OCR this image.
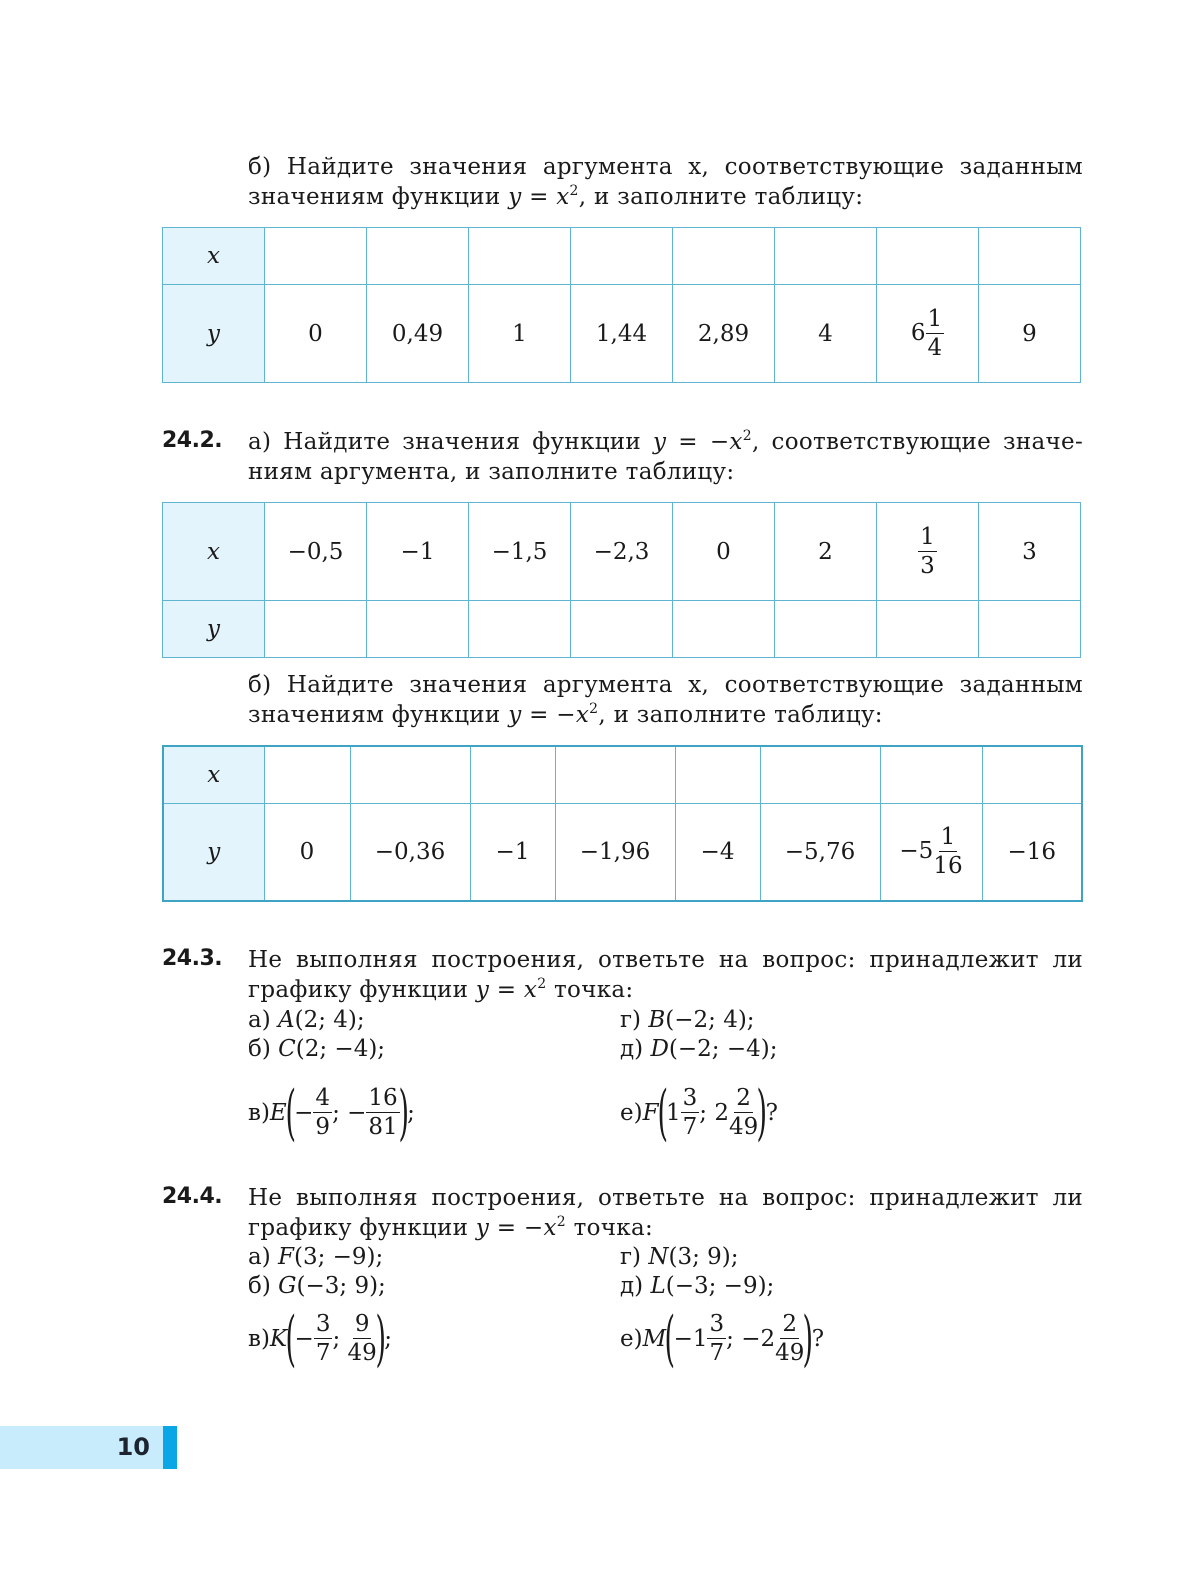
б) Найдите значения аргумента x, соответствующие заданным
значениям функции $y = x^2$, и заполните таблицу:
x								
y	0	0,49	1	1,44	2,89	4	$6 \frac{1}{4}$	9
24.2. а) Найдите значения функции $y = -x^2$, соответствующие значе-
ниям аргумента, и заполните таблицу:
x	−0,5	−1	−1,5	−2,3	0	2	$\frac{1}{3}$	3
y								
б) Найдите значения аргумента x, соответствующие заданным
значениям функции $y = -x^2$, и заполните таблицу:
x								
y	0	−0,36	−1	−1,96	−4	−5,76	$-5 \frac{1}{16}$	−16
24.3. Не выполняя построения, ответьте на вопрос: принадлежит ли
графику функции $y = x^2$ точка:
а) A(2; 4);
б) C(2; −4);
г) B(−2; 4);
д) D(−2; −4);
в) E
(
− $\frac{4}{9}$ ; − $\frac{16}{81}$
)
;	е) F
(
$1 \frac{3}{7}$ ; $2 \frac{2}{49}$
)
?
24.4. Не выполняя построения, ответьте на вопрос: принадлежит ли
графику функции $y = -x^2$ точка:
а) F(3; −9);
б) G(−3; 9);
г) N(3; 9);
д) L(−3; −9);
в) K
(
− $\frac{3}{7}$ ; $\frac{9}{49}$
)
;	е) M
(
$-1 \frac{3}{7}$ ; $-2 \frac{2}{49}$
)
?
10
